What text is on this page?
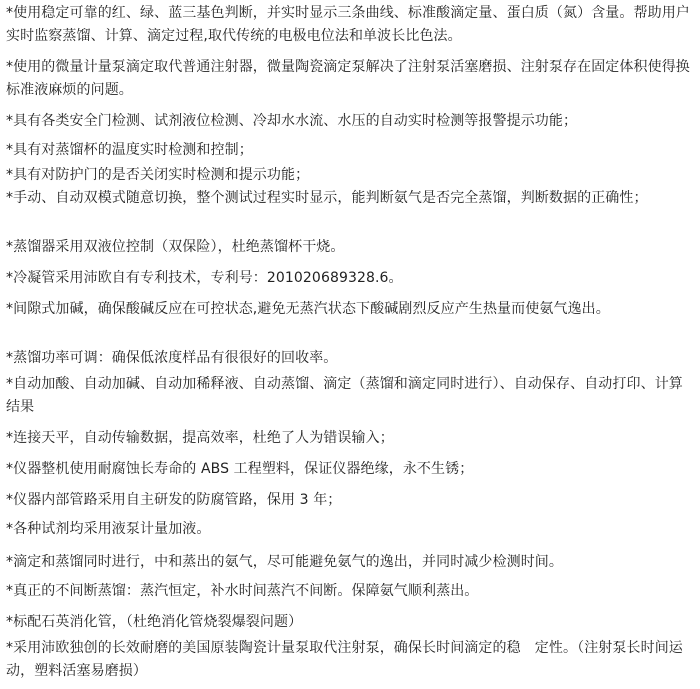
*使用稳定可靠的红、绿、蓝三基色判断，并实时显示三条曲线、标准酸滴定量、蛋白质（氮）含量。帮助用户实时监察蒸馏、计算、滴定过程,取代传统的电极电位法和单波长比色法。
*使用的微量计量泵滴定取代普通注射器，微量陶瓷滴定泵解决了注射泵活塞磨损、注射泵存在固定体积使得换标准液麻烦的问题。
*具有各类安全门检测、试剂液位检测、冷却水水流、水压的自动实时检测等报警提示功能；
*具有对蒸馏杯的温度实时检测和控制；
*具有对防护门的是否关闭实时检测和提示功能；
*手动、自动双模式随意切换，整个测试过程实时显示，能判断氨气是否完全蒸馏，判断数据的正确性；
*蒸馏器采用双液位控制（双保险），杜绝蒸馏杯干烧。
*冷凝管采用沛欧自有专利技术，专利号：201020689328.6。
*间隙式加碱，确保酸碱反应在可控状态,避免无蒸汽状态下酸碱剧烈反应产生热量而使氨气逸出。
*蒸馏功率可调：确保低浓度样品有很很好的回收率。
*自动加酸、自动加碱、自动加稀释液、自动蒸馏、滴定（蒸馏和滴定同时进行）、自动保存、自动打印、计算结果
*连接天平，自动传输数据，提高效率，杜绝了人为错误输入；
*仪器整机使用耐腐蚀长寿命的 ABS 工程塑料，保证仪器绝缘，永不生锈；
*仪器内部管路采用自主研发的防腐管路，保用 3 年；
*各种试剂均采用液泵计量加液。
*滴定和蒸馏同时进行，中和蒸出的氨气，尽可能避免氨气的逸出，并同时减少检测时间。
*真正的不间断蒸馏：蒸汽恒定，补水时间蒸汽不间断。保障氨气顺利蒸出。
*标配石英消化管，（杜绝消化管烧裂爆裂问题）
*采用沛欧独创的长效耐磨的美国原装陶瓷计量泵取代注射泵，确保长时间滴定的稳　定性。（注射泵长时间运动，塑料活塞易磨损）
